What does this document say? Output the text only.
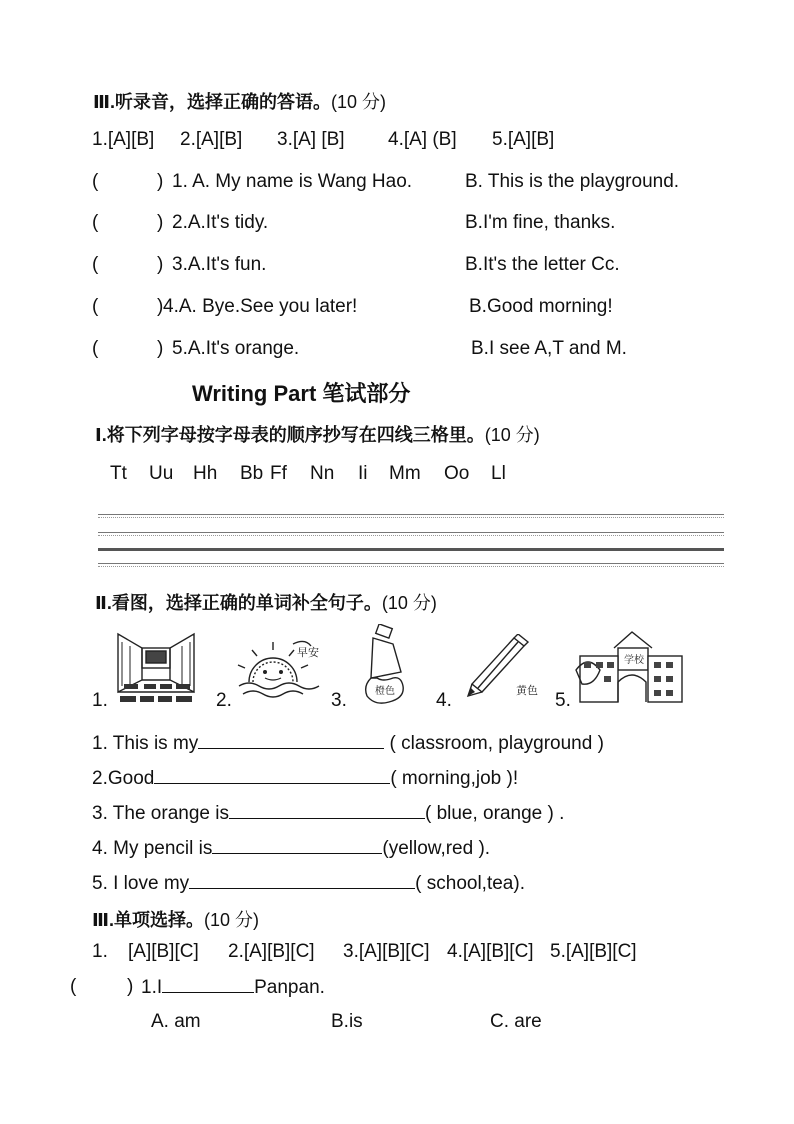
Ⅲ.听录音，选择正确的答语。(10 分)
1.[A][B] 2.[A][B] 3.[A] [B] 4.[A] (B] 5.[A][B]
(	) 1. A. My name is Wang Hao.	B. This is the playground.
(	) 2.A.It's tidy.	B.I'm fine, thanks.
(	) 3.A.It's fun.	B.It's the letter Cc.
(	) 4.A. Bye.See you later!	B.Good morning!
(	) 5.A.It's orange.	B.I see A,T and M.
Writing Part 笔试部分
Ⅰ.将下列字母按字母表的顺序抄写在四线三格里。(10 分)
Tt Uu Hh Bb Ff Nn Ii Mm Oo Ll
Ⅱ.看图，选择正确的单词补全句子。(10 分)
1.	2.	3.	4.	5.
早安
橙色	黄色
学校
1. This is my	( classroom, playground )
2.Good	( morning,job )!
3. The orange is	( blue, orange ) .
4. My pencil is	(yellow,red ).
5. I love my	( school,tea).
Ⅲ.单项选择。(10 分)
1. [A][B][C] 2.[A][B][C] 3.[A][B][C] 4.[A][B][C] 5.[A][B][C]
(	) 1.I	Panpan.
A. am	B.is	C. are
